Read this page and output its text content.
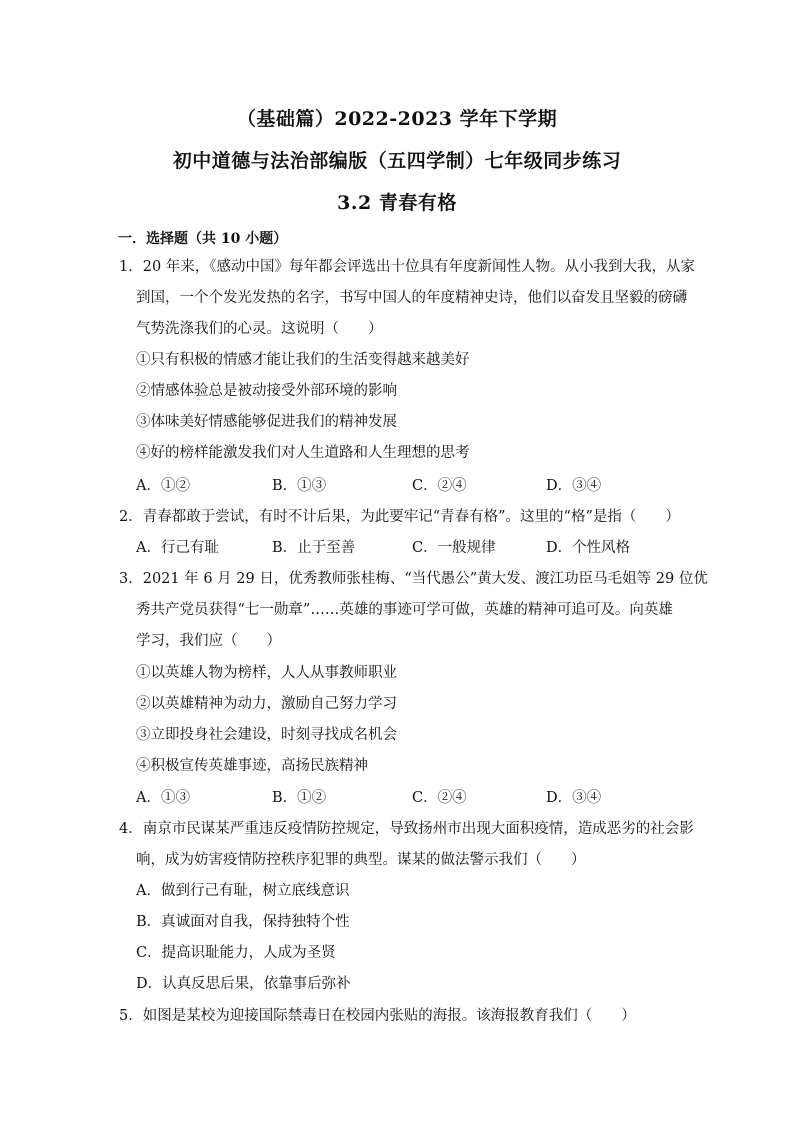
（基础篇）2022-2023 学年下学期
初中道德与法治部编版（五四学制）七年级同步练习
3.2 青春有格
一．选择题（共 10 小题）
1．20 年来，《感动中国》每年都会评选出十位具有年度新闻性人物。从小我到大我，从家
到国，一个个发光发热的名字，书写中国人的年度精神史诗，他们以奋发且坚毅的磅礴
气势洗涤我们的心灵。这说明（　　）
①只有积极的情感才能让我们的生活变得越来越美好
②情感体验总是被动接受外部环境的影响
③体味美好情感能够促进我们的精神发展
④好的榜样能激发我们对人生道路和人生理想的思考
A．①②	B．①③	C．②④	D．③④
2．青春都敢于尝试，有时不计后果，为此要牢记“青春有格”。这里的“格”是指（　　）
A．行己有耻	B．止于至善	C．一般规律	D．个性风格
3．2021 年 6 月 29 日，优秀教师张桂梅、“当代愚公”黄大发、渡江功臣马毛姐等 29 位优
秀共产党员获得“七一勋章”……英雄的事迹可学可做，英雄的精神可追可及。向英雄
学习，我们应（　　）
①以英雄人物为榜样，人人从事教师职业
②以英雄精神为动力，激励自己努力学习
③立即投身社会建设，时刻寻找成名机会
④积极宣传英雄事迹，高扬民族精神
A．①③	B．①②	C．②④	D．③④
4．南京市民谋某严重违反疫情防控规定，导致扬州市出现大面积疫情，造成恶劣的社会影
响，成为妨害疫情防控秩序犯罪的典型。谋某的做法警示我们（　　）
A．做到行己有耻，树立底线意识
B．真诚面对自我，保持独特个性
C．提高识耻能力，人成为圣贤
D．认真反思后果，依靠事后弥补
5．如图是某校为迎接国际禁毒日在校园内张贴的海报。该海报教育我们（　　）
